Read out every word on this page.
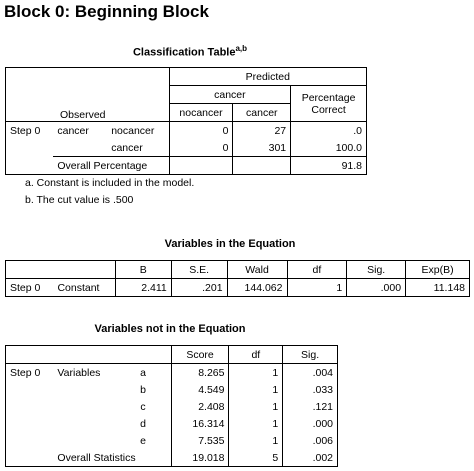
Block 0: Beginning Block
Classification Table$^{a,b}$
Observed			Predicted		
			cancer		Percentage
Correct

			nocancer	cancer	
Step 0	cancer	nocancer	0	27	.0
		cancer	0	301	100.0
	Overall Percentage				91.8
a. Constant is included in the model.
b. The cut value is .500
Variables in the Equation
		B	S.E.	Wald	df	Sig.	Exp(B)
Step 0	Constant	2.411	.201	144.062	1	.000	11.148
Variables not in the Equation
			Score	df	Sig.
Step 0	Variables	a	8.265	1	.004
		b	4.549	1	.033
		c	2.408	1	.121
		d	16.314	1	.000
		e	7.535	1	.006
	Overall Statistics		19.018	5	.002
